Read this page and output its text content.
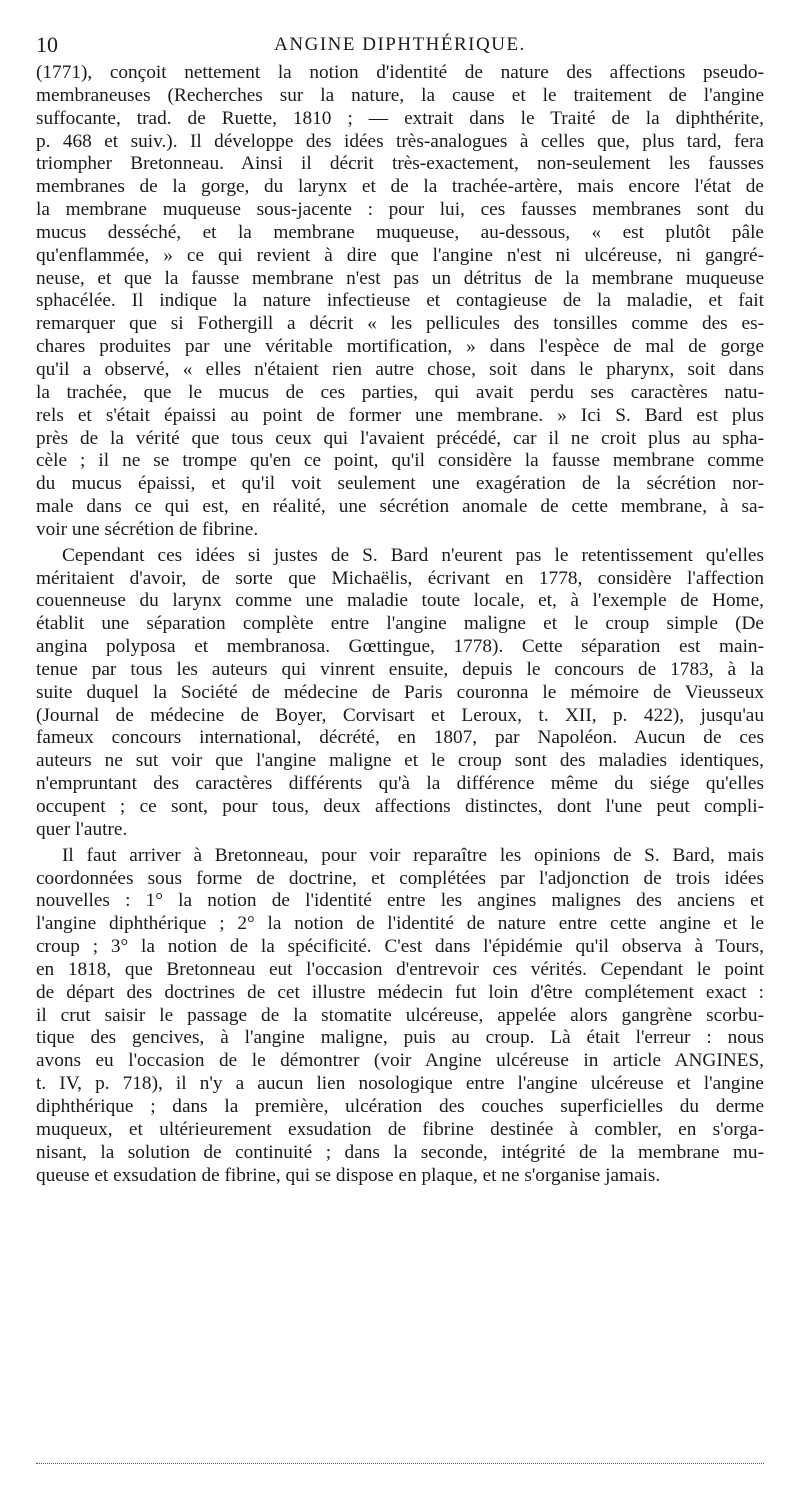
10	ANGINE DIPHTHÉRIQUE.
(1771), conçoit nettement la notion d'identité de nature des affections pseudo-
membraneuses (Recherches sur la nature, la cause et le traitement de l'angine
suffocante, trad. de Ruette, 1810 ; — extrait dans le Traité de la diphthérite,
p. 468 et suiv.). Il développe des idées très-analogues à celles que, plus tard, fera
triompher Bretonneau. Ainsi il décrit très-exactement, non-seulement les fausses
membranes de la gorge, du larynx et de la trachée-artère, mais encore l'état de
la membrane muqueuse sous-jacente : pour lui, ces fausses membranes sont du
mucus desséché, et la membrane muqueuse, au-dessous, « est plutôt pâle
qu'enflammée, » ce qui revient à dire que l'angine n'est ni ulcéreuse, ni gangré-
neuse, et que la fausse membrane n'est pas un détritus de la membrane muqueuse
sphacélée. Il indique la nature infectieuse et contagieuse de la maladie, et fait
remarquer que si Fothergill a décrit « les pellicules des tonsilles comme des es-
chares produites par une véritable mortification, » dans l'espèce de mal de gorge
qu'il a observé, « elles n'étaient rien autre chose, soit dans le pharynx, soit dans
la trachée, que le mucus de ces parties, qui avait perdu ses caractères natu-
rels et s'était épaissi au point de former une membrane. » Ici S. Bard est plus
près de la vérité que tous ceux qui l'avaient précédé, car il ne croit plus au spha-
cèle ; il ne se trompe qu'en ce point, qu'il considère la fausse membrane comme
du mucus épaissi, et qu'il voit seulement une exagération de la sécrétion nor-
male dans ce qui est, en réalité, une sécrétion anomale de cette membrane, à sa-
voir une sécrétion de fibrine.
Cependant ces idées si justes de S. Bard n'eurent pas le retentissement qu'elles
méritaient d'avoir, de sorte que Michaëlis, écrivant en 1778, considère l'affection
couenneuse du larynx comme une maladie toute locale, et, à l'exemple de Home,
établit une séparation complète entre l'angine maligne et le croup simple (De
angina polyposa et membranosa. Gœttingue, 1778). Cette séparation est main-
tenue par tous les auteurs qui vinrent ensuite, depuis le concours de 1783, à la
suite duquel la Société de médecine de Paris couronna le mémoire de Vieusseux
(Journal de médecine de Boyer, Corvisart et Leroux, t. XII, p. 422), jusqu'au
fameux concours international, décrété, en 1807, par Napoléon. Aucun de ces
auteurs ne sut voir que l'angine maligne et le croup sont des maladies identiques,
n'empruntant des caractères différents qu'à la différence même du siége qu'elles
occupent ; ce sont, pour tous, deux affections distinctes, dont l'une peut compli-
quer l'autre.
Il faut arriver à Bretonneau, pour voir reparaître les opinions de S. Bard, mais
coordonnées sous forme de doctrine, et complétées par l'adjonction de trois idées
nouvelles : 1° la notion de l'identité entre les angines malignes des anciens et
l'angine diphthérique ; 2° la notion de l'identité de nature entre cette angine et le
croup ; 3° la notion de la spécificité. C'est dans l'épidémie qu'il observa à Tours,
en 1818, que Bretonneau eut l'occasion d'entrevoir ces vérités. Cependant le point
de départ des doctrines de cet illustre médecin fut loin d'être complétement exact :
il crut saisir le passage de la stomatite ulcéreuse, appelée alors gangrène scorbu-
tique des gencives, à l'angine maligne, puis au croup. Là était l'erreur : nous
avons eu l'occasion de le démontrer (voir Angine ulcéreuse in article ANGINES,
t. IV, p. 718), il n'y a aucun lien nosologique entre l'angine ulcéreuse et l'angine
diphthérique ; dans la première, ulcération des couches superficielles du derme
muqueux, et ultérieurement exsudation de fibrine destinée à combler, en s'orga-
nisant, la solution de continuité ; dans la seconde, intégrité de la membrane mu-
queuse et exsudation de fibrine, qui se dispose en plaque, et ne s'organise jamais.
